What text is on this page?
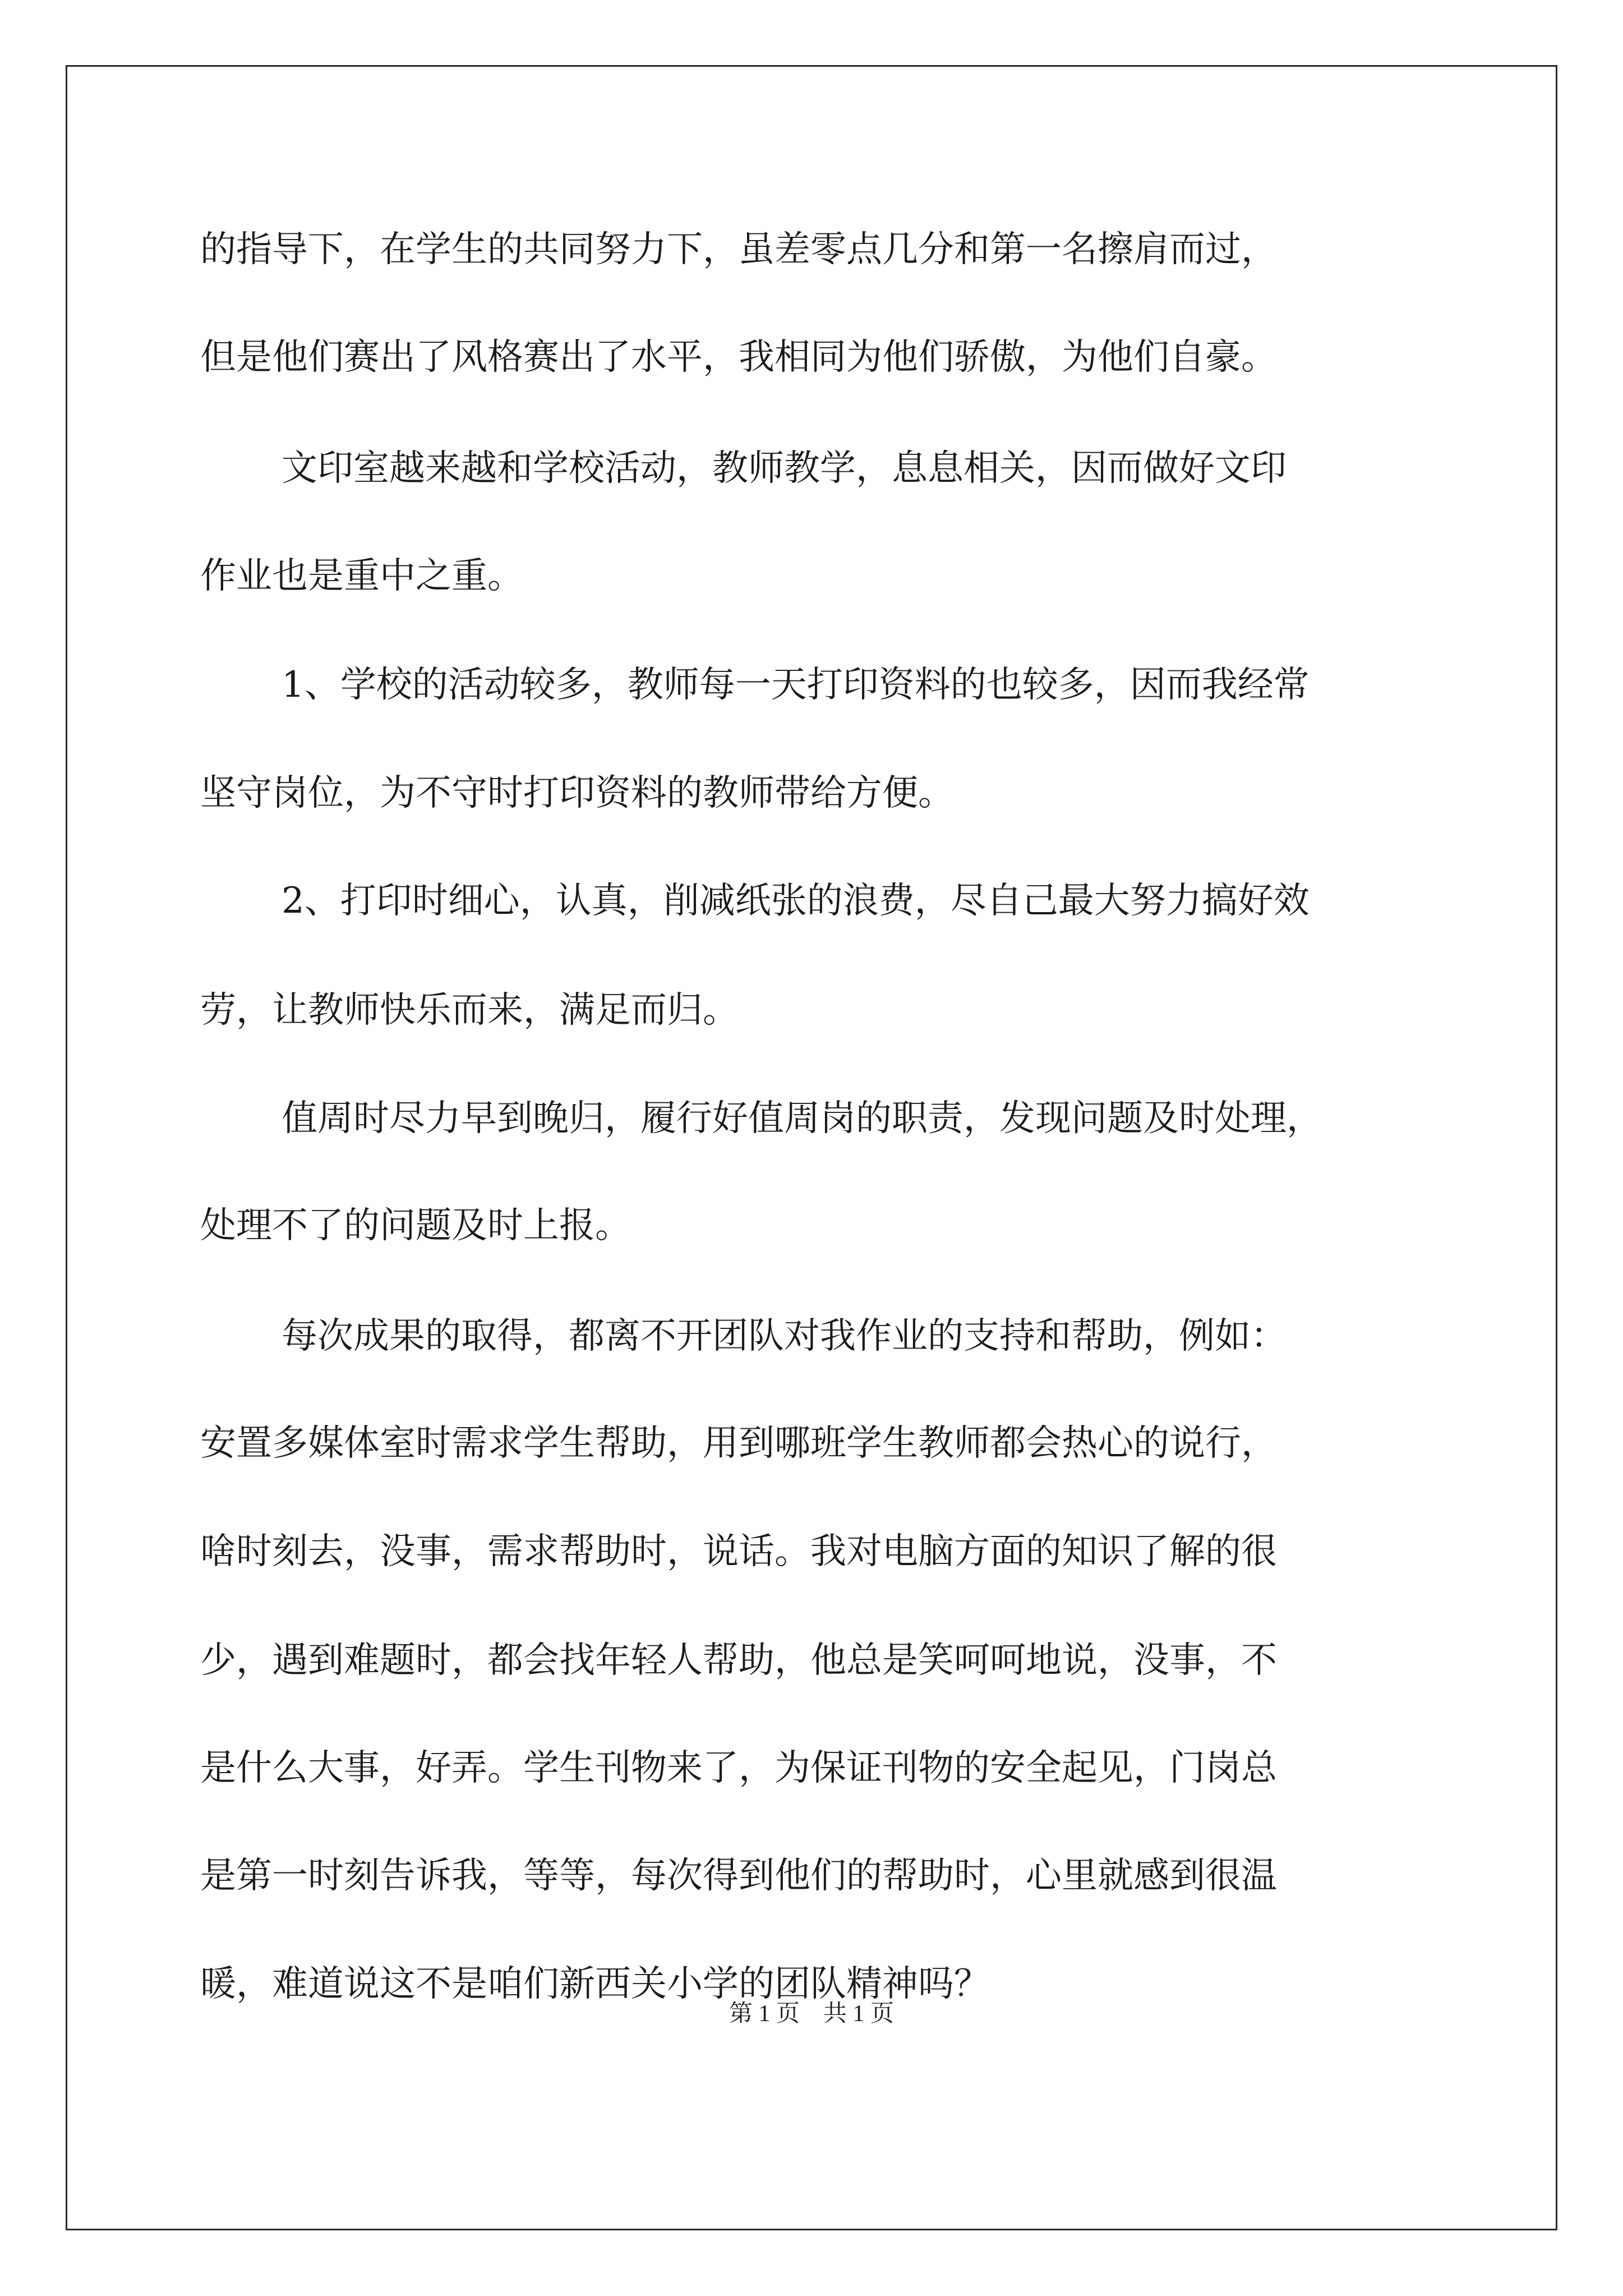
的指导下，在学生的共同努力下，虽差零点几分和第一名擦肩而过，
但是他们赛出了风格赛出了水平，我相同为他们骄傲，为他们自豪。
文印室越来越和学校活动，教师教学，息息相关，因而做好文印
作业也是重中之重。
1、学校的活动较多，教师每一天打印资料的也较多，因而我经常
坚守岗位，为不守时打印资料的教师带给方便。
2、打印时细心，认真，削减纸张的浪费，尽自己最大努力搞好效
劳，让教师快乐而来，满足而归。
值周时尽力早到晚归，履行好值周岗的职责，发现问题及时处理，
处理不了的问题及时上报。
每次成果的取得，都离不开团队对我作业的支持和帮助，例如：
安置多媒体室时需求学生帮助，用到哪班学生教师都会热心的说行，
啥时刻去，没事，需求帮助时，说话。我对电脑方面的知识了解的很
少，遇到难题时，都会找年轻人帮助，他总是笑呵呵地说，没事，不
是什么大事，好弄。学生刊物来了，为保证刊物的安全起见，门岗总
是第一时刻告诉我，等等，每次得到他们的帮助时，心里就感到很温
暖，难道说这不是咱们新西关小学的团队精神吗？
第 1 页　共 1 页
